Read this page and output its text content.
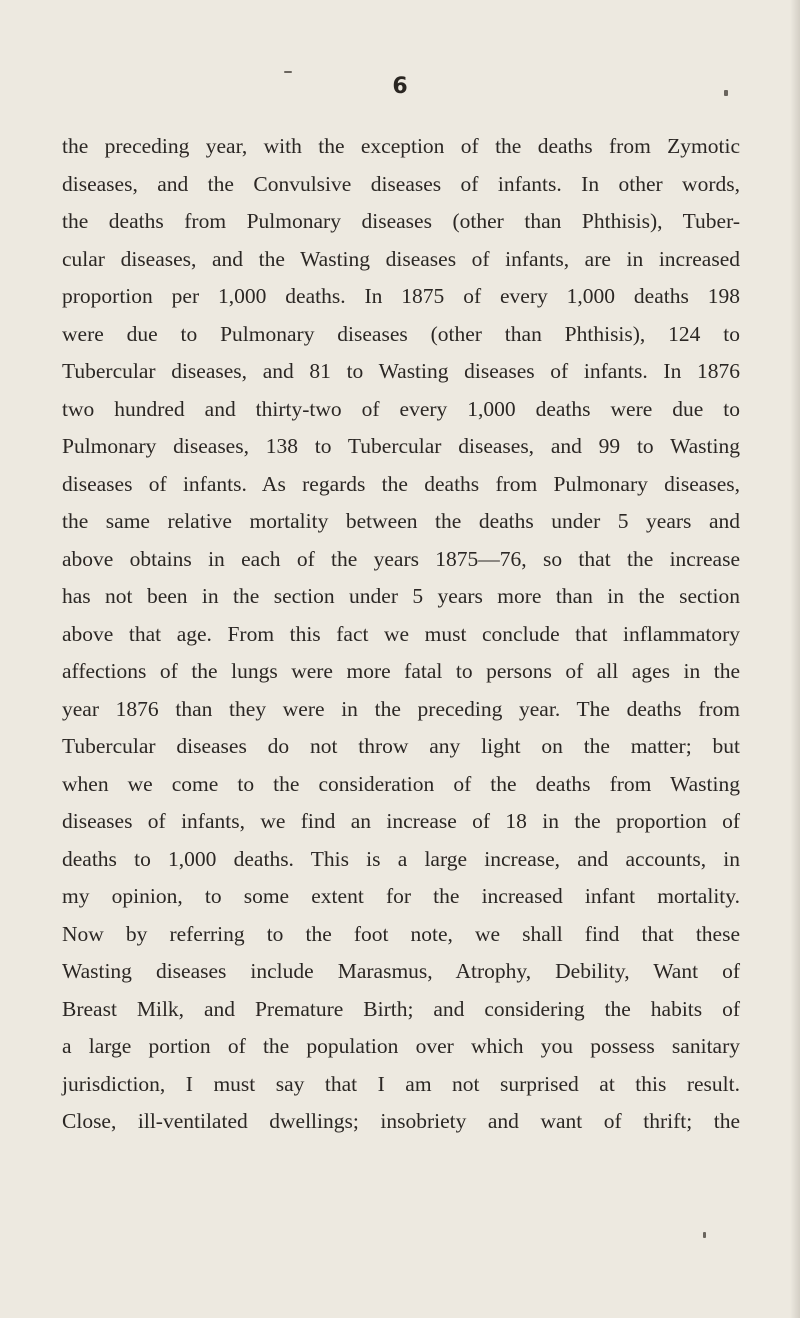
6
the preceding year, with the exception of the deaths from Zymotic
diseases, and the Convulsive diseases of infants. In other words,
the deaths from Pulmonary diseases (other than Phthisis), Tuber-
cular diseases, and the Wasting diseases of infants, are in increased
proportion per 1,000 deaths. In 1875 of every 1,000 deaths 198
were due to Pulmonary diseases (other than Phthisis), 124 to
Tubercular diseases, and 81 to Wasting diseases of infants. In 1876
two hundred and thirty-two of every 1,000 deaths were due to
Pulmonary diseases, 138 to Tubercular diseases, and 99 to Wasting
diseases of infants. As regards the deaths from Pulmonary diseases,
the same relative mortality between the deaths under 5 years and
above obtains in each of the years 1875—76, so that the increase
has not been in the section under 5 years more than in the section
above that age. From this fact we must conclude that inflammatory
affections of the lungs were more fatal to persons of all ages in the
year 1876 than they were in the preceding year. The deaths from
Tubercular diseases do not throw any light on the matter; but
when we come to the consideration of the deaths from Wasting
diseases of infants, we find an increase of 18 in the proportion of
deaths to 1,000 deaths. This is a large increase, and accounts, in
my opinion, to some extent for the increased infant mortality.
Now by referring to the foot note, we shall find that these
Wasting diseases include Marasmus, Atrophy, Debility, Want of
Breast Milk, and Premature Birth; and considering the habits of
a large portion of the population over which you possess sanitary
jurisdiction, I must say that I am not surprised at this result.
Close, ill-ventilated dwellings; insobriety and want of thrift; the
